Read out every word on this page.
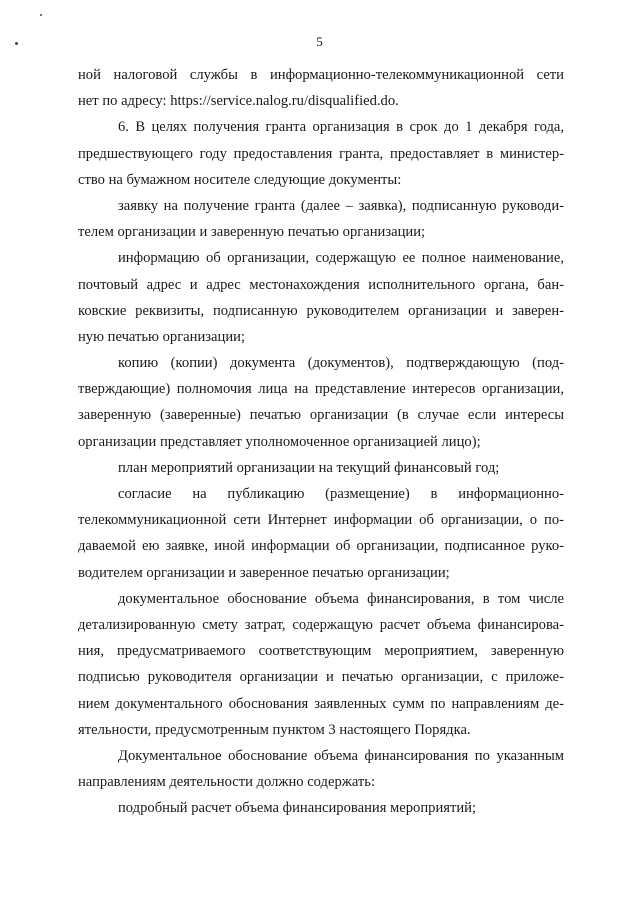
5
ной налоговой службы в информационно-телекоммуникационной сети
нет по адресу: https://service.nalog.ru/disqualified.do.
6. В целях получения гранта организация в срок до 1 декабря года,
предшествующего году предоставления гранта, предоставляет в министер-
ство на бумажном носителе следующие документы:
заявку на получение гранта (далее – заявка), подписанную руководи-
телем организации и заверенную печатью организации;
информацию об организации, содержащую ее полное наименование,
почтовый адрес и адрес местонахождения исполнительного органа, бан-
ковские реквизиты, подписанную руководителем организации и заверен-
ную печатью организации;
копию (копии) документа (документов), подтверждающую (под-
тверждающие) полномочия лица на представление интересов организации,
заверенную (заверенные) печатью организации (в случае если интересы
организации представляет уполномоченное организацией лицо);
план мероприятий организации на текущий финансовый год;
согласие на публикацию (размещение) в информационно-
телекоммуникационной сети Интернет информации об организации, о по-
даваемой ею заявке, иной информации об организации, подписанное руко-
водителем организации и заверенное печатью организации;
документальное обоснование объема финансирования, в том числе
детализированную смету затрат, содержащую расчет объема финансирова-
ния, предусматриваемого соответствующим мероприятием, заверенную
подписью руководителя организации и печатью организации, с приложе-
нием документального обоснования заявленных сумм по направлениям де-
ятельности, предусмотренным пунктом 3 настоящего Порядка.
Документальное обоснование объема финансирования по указанным
направлениям деятельности должно содержать:
подробный расчет объема финансирования мероприятий;
